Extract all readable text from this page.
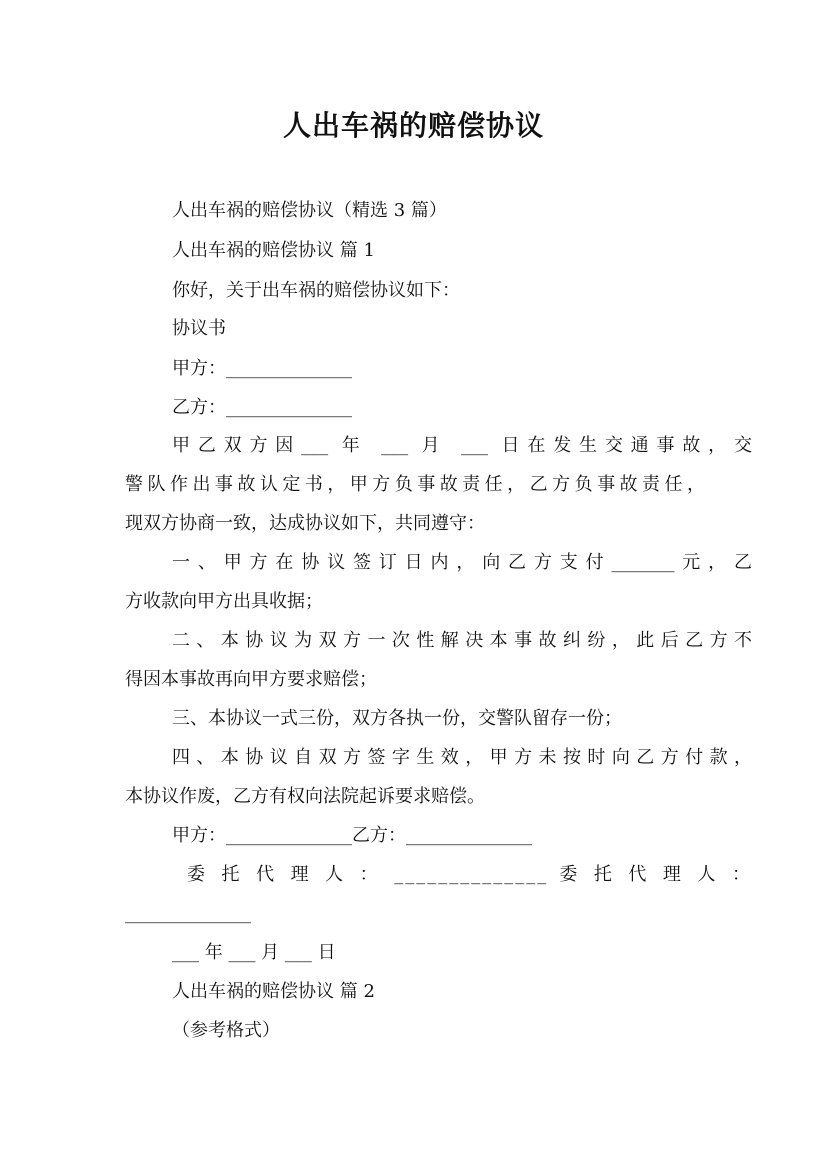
人出车祸的赔偿协议
人出车祸的赔偿协议（精选 3 篇）
人出车祸的赔偿协议 篇 1
你好，关于出车祸的赔偿协议如下：
协议书
甲方：______________
乙方：______________
甲乙双方因___ 年 ___ 月 ___ 日在发生交通事故，交
警队作出事故认定书，甲方负事故责任，乙方负事故责任，
现双方协商一致，达成协议如下，共同遵守：
一、甲方在协议签订日内，向乙方支付_______元，乙
方收款向甲方出具收据；
二、本协议为双方一次性解决本事故纠纷，此后乙方不
得因本事故再向甲方要求赔偿；
三、本协议一式三份，双方各执一份，交警队留存一份；
四、本协议自双方签字生效，甲方未按时向乙方付款，
本协议作废，乙方有权向法院起诉要求赔偿。
甲方：______________乙方：______________
委 托 代 理 人 ： ______________ 委 托 代 理 人 ：
______________
___ 年 ___ 月 ___ 日
人出车祸的赔偿协议 篇 2
（参考格式）
